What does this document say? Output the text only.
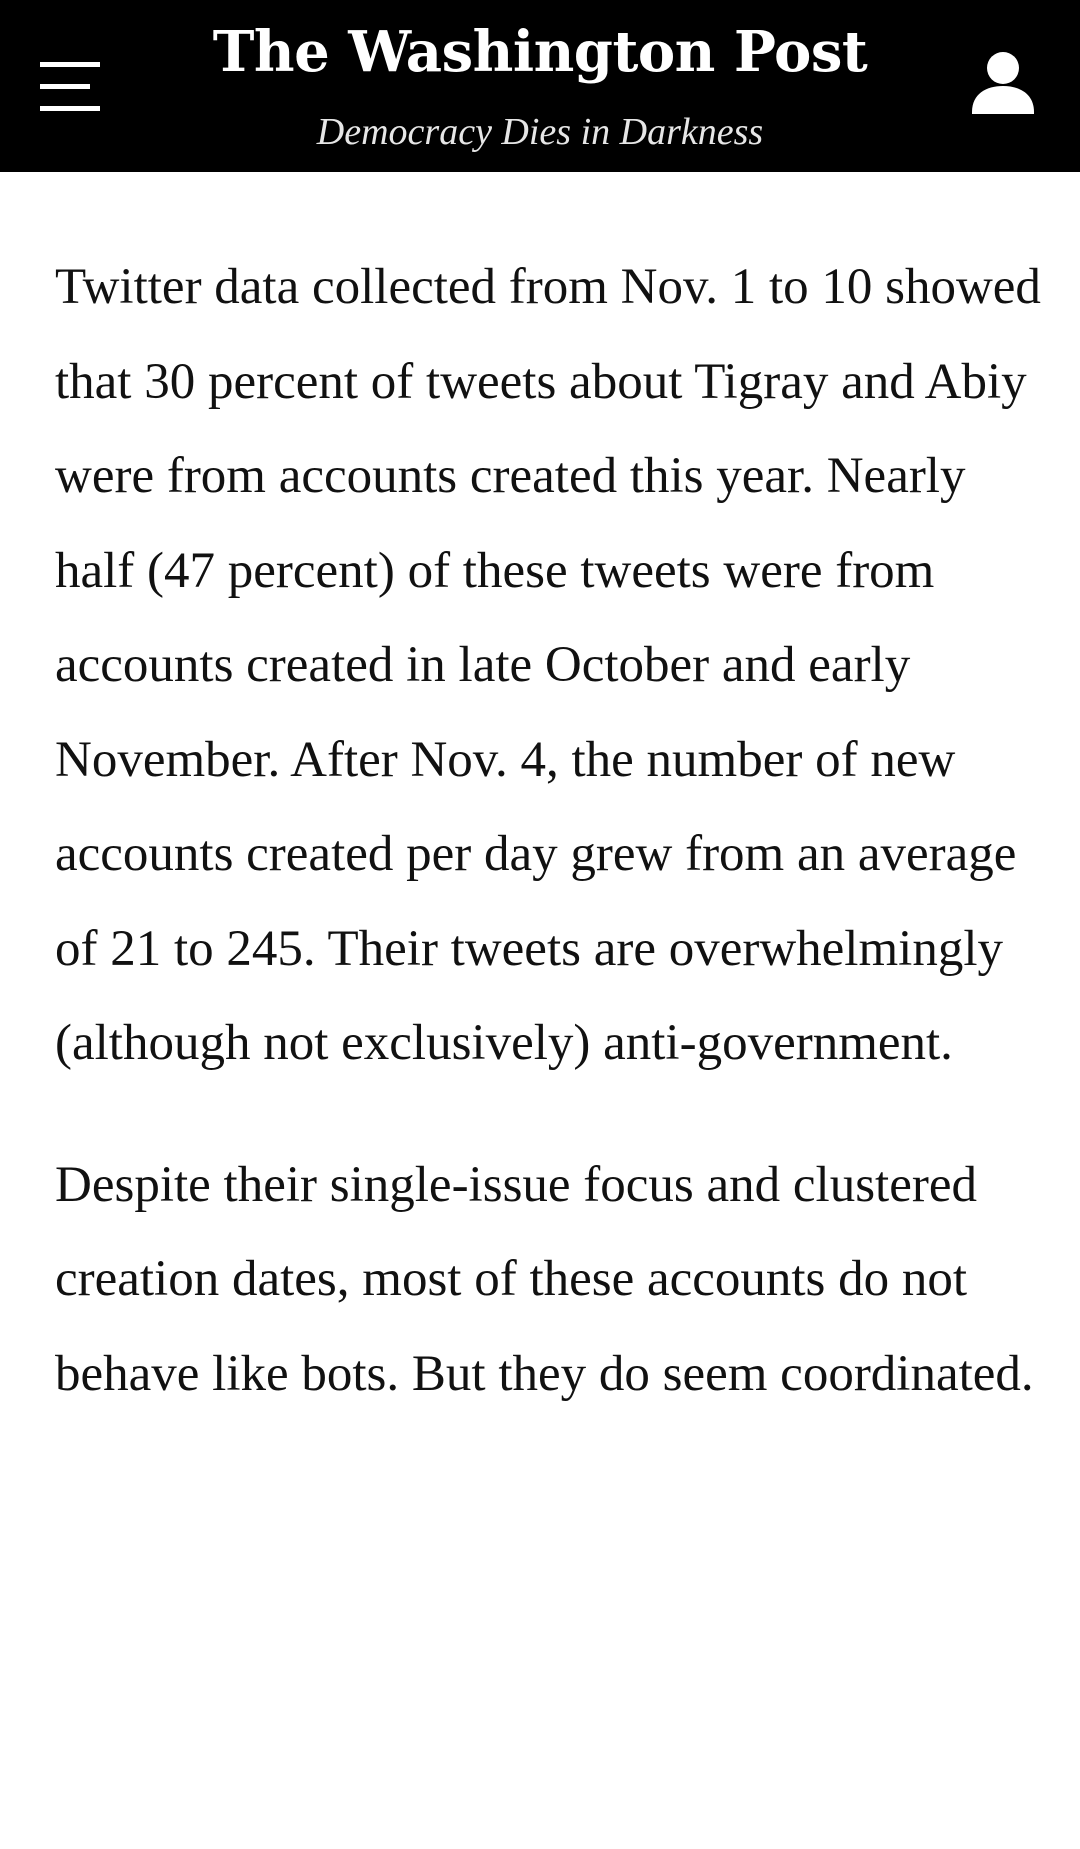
The Washington Post
Democracy Dies in Darkness

Twitter data collected from Nov. 1 to 10 showed that 30 percent of tweets about Tigray and Abiy were from accounts created this year. Nearly half (47 percent) of these tweets were from accounts created in late October and early November. After Nov. 4, the number of new accounts created per day grew from an average of 21 to 245. Their tweets are overwhelmingly (although not exclusively) anti-government.

Despite their single-issue focus and clustered creation dates, most of these accounts do not behave like bots. But they do seem coordinated.
